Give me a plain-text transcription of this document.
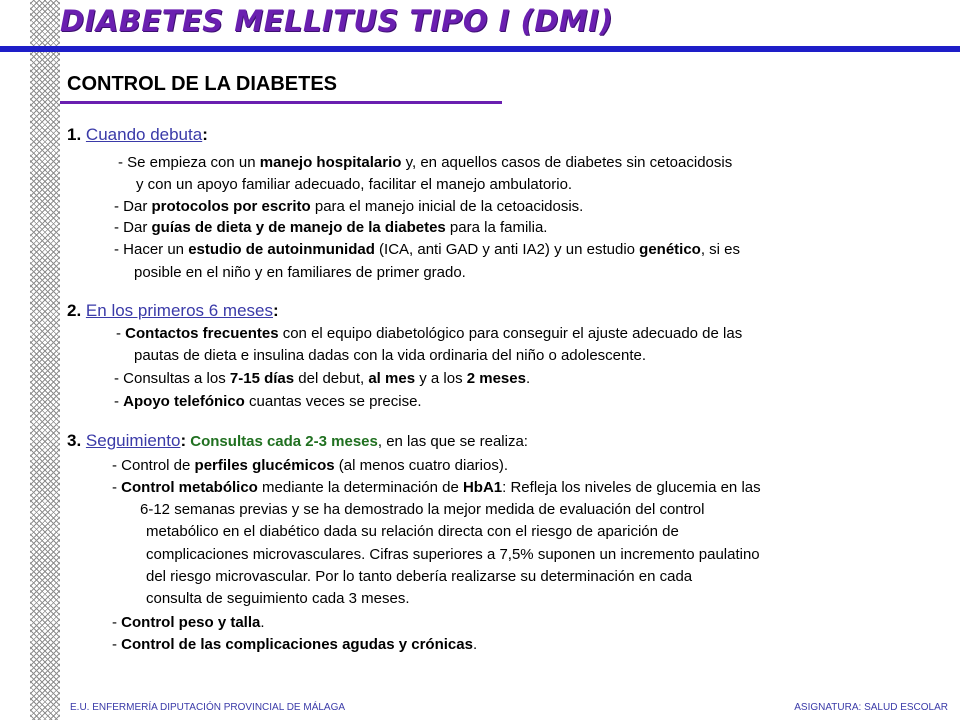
DIABETES MELLITUS TIPO I (DMI)
CONTROL DE LA DIABETES
1. Cuando debuta:
- Se empieza con un manejo hospitalario y, en aquellos casos de diabetes sin cetoacidosis
y con un apoyo familiar adecuado, facilitar el manejo ambulatorio.
- Dar protocolos por escrito para el manejo inicial de la cetoacidosis.
- Dar guías de dieta y de manejo de la diabetes para la familia.
- Hacer un estudio de autoinmunidad (ICA, anti GAD y anti IA2) y un estudio genético, si es
posible en el niño y en familiares de primer grado.
2. En los primeros 6 meses:
- Contactos frecuentes con el equipo diabetológico para conseguir el ajuste adecuado de las
pautas de dieta e insulina dadas con la vida ordinaria del niño o adolescente.
- Consultas a los 7-15 días del debut, al mes y a los 2 meses.
- Apoyo telefónico cuantas veces se precise.
3. Seguimiento: Consultas cada 2-3 meses, en las que se realiza:
- Control de perfiles glucémicos (al menos cuatro diarios).
- Control metabólico mediante la determinación de HbA1: Refleja los niveles de glucemia en las
6-12 semanas previas y se ha demostrado la mejor medida de evaluación del control
metabólico en el diabético dada su relación directa con el riesgo de aparición de
complicaciones microvasculares. Cifras superiores a 7,5% suponen un incremento paulatino
del riesgo microvascular. Por lo tanto debería realizarse su determinación en cada
consulta de seguimiento cada 3 meses.
- Control peso y talla.
- Control de las complicaciones agudas y crónicas.
E.U. ENFERMERÍA DIPUTACIÓN PROVINCIAL DE MÁLAGA	ASIGNATURA: SALUD ESCOLAR
